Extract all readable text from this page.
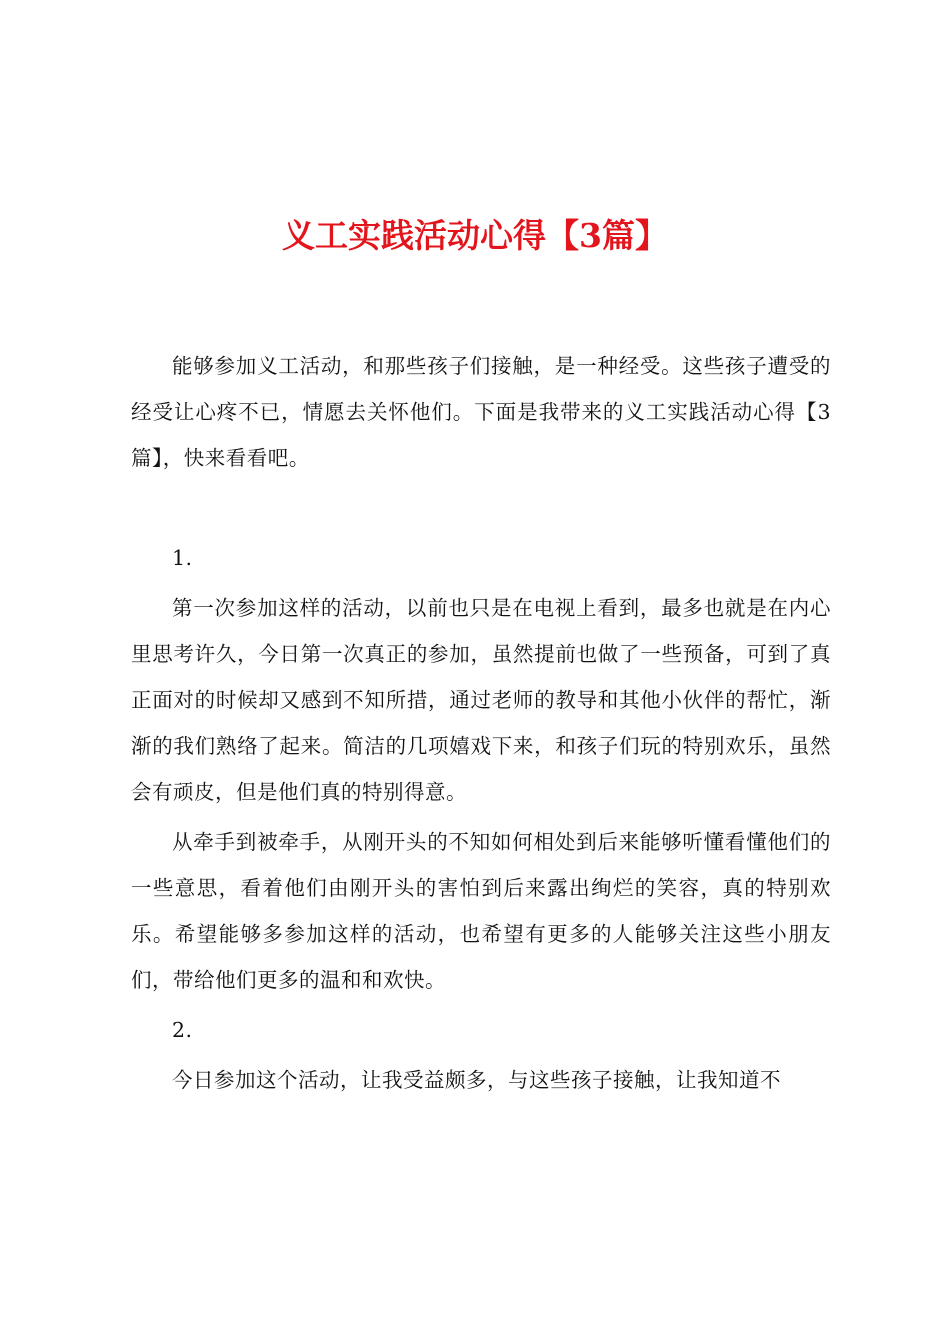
义工实践活动心得【3篇】

能够参加义工活动，和那些孩子们接触，是一种经受。这些孩子遭受的经受让心疼不已，情愿去关怀他们。下面是我带来的义工实践活动心得【3篇】，快来看看吧。

1.

第一次参加这样的活动，以前也只是在电视上看到，最多也就是在内心里思考许久，今日第一次真正的参加，虽然提前也做了一些预备，可到了真正面对的时候却又感到不知所措，通过老师的教导和其他小伙伴的帮忙，渐渐的我们熟络了起来。简洁的几项嬉戏下来，和孩子们玩的特别欢乐，虽然会有顽皮，但是他们真的特别得意。

从牵手到被牵手，从刚开头的不知如何相处到后来能够听懂看懂他们的一些意思，看着他们由刚开头的害怕到后来露出绚烂的笑容，真的特别欢乐。希望能够多参加这样的活动，也希望有更多的人能够关注这些小朋友们，带给他们更多的温和和欢快。

2.

今日参加这个活动，让我受益颇多，与这些孩子接触，让我知道不
